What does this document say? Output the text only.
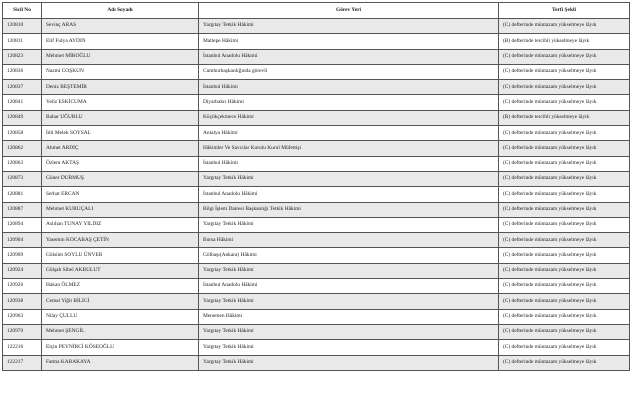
Sicil No	Adı Soyadı	Görev Yeri	Terfi Şekli
120810	Sevinç ARAS	Yargıtay Tetkik Hâkimi	(C) defterinde müntazam yükselmeye lâyık
120811	Elif Fulya AYDIN	Maltepe Hâkimi	(B) defterinde tercihli yükselmeye lâyık
120823	Mehmet MİROĞLU	İstanbul Anadolu Hâkimi	(C) defterinde müntazam yükselmeye lâyık
120836	Nazmi COŞKUN	Cumhurbaşkanlığında görevli	(C) defterinde müntazam yükselmeye lâyık
120837	Deniz BEŞTEMİR	İstanbul Hâkimi	(C) defterinde müntazam yükselmeye lâyık
120841	Yeliz ESKİCUMA	Diyarbakır Hâkimi	(C) defterinde müntazam yükselmeye lâyık
120849	Bahar UĞURLU	Küçükçekmece Hâkimi	(B) defterinde tercihli yükselmeye lâyık
120858	İdil Melek SOYSAL	Antalya Hâkimi	(C) defterinde müntazam yükselmeye lâyık
120862	Ahmet ARDIÇ	Hâkimler Ve Savcılar Kurulu Kurul Müfettişi	(C) defterinde müntazam yükselmeye lâyık
120863	Özlem AKTAŞ	İstanbul Hâkimi	(C) defterinde müntazam yükselmeye lâyık
120873	Güner DURMUŞ	Yargıtay Tetkik Hâkimi	(C) defterinde müntazam yükselmeye lâyık
120881	Serhat ERCAN	İstanbul Anadolu Hâkimi	(C) defterinde müntazam yükselmeye lâyık
120887	Mehmet KURUÇALI	Bilgi İşlem Dairesi Başkanlığı Tetkik Hâkimi	(C) defterinde müntazam yükselmeye lâyık
120894	Aslıhan TUNAY YILDIZ	Yargıtay Tetkik Hâkimi	(C) defterinde müntazam yükselmeye lâyık
120904	Yasemin KOCABAŞ ÇETİN	Bursa Hâkimi	(C) defterinde müntazam yükselmeye lâyık
120909	Gülsüm SOYLU ÜNVER	Gölbaşı(Ankara) Hâkimi	(C) defterinde müntazam yükselmeye lâyık
120924	Gülşah Sibel AKBULUT	Yargıtay Tetkik Hâkimi	(C) defterinde müntazam yükselmeye lâyık
120926	Hakan ÖLMEZ	İstanbul Anadolu Hâkimi	(C) defterinde müntazam yükselmeye lâyık
120938	Cemal Yiğit BİLİCİ	Yargıtay Tetkik Hâkimi	(C) defterinde müntazam yükselmeye lâyık
120963	Nilay ÇULLU	Menemen Hâkimi	(C) defterinde müntazam yükselmeye lâyık
120970	Mehmet ŞENGİL	Yargıtay Tetkik Hâkimi	(C) defterinde müntazam yükselmeye lâyık
122216	Elçin PEYNİRCİ KÖSEOĞLU	Yargıtay Tetkik Hâkimi	(C) defterinde müntazam yükselmeye lâyık
122217	Fatma KARAKAYA	Yargıtay Tetkik Hâkimi	(C) defterinde müntazam yükselmeye lâyık
